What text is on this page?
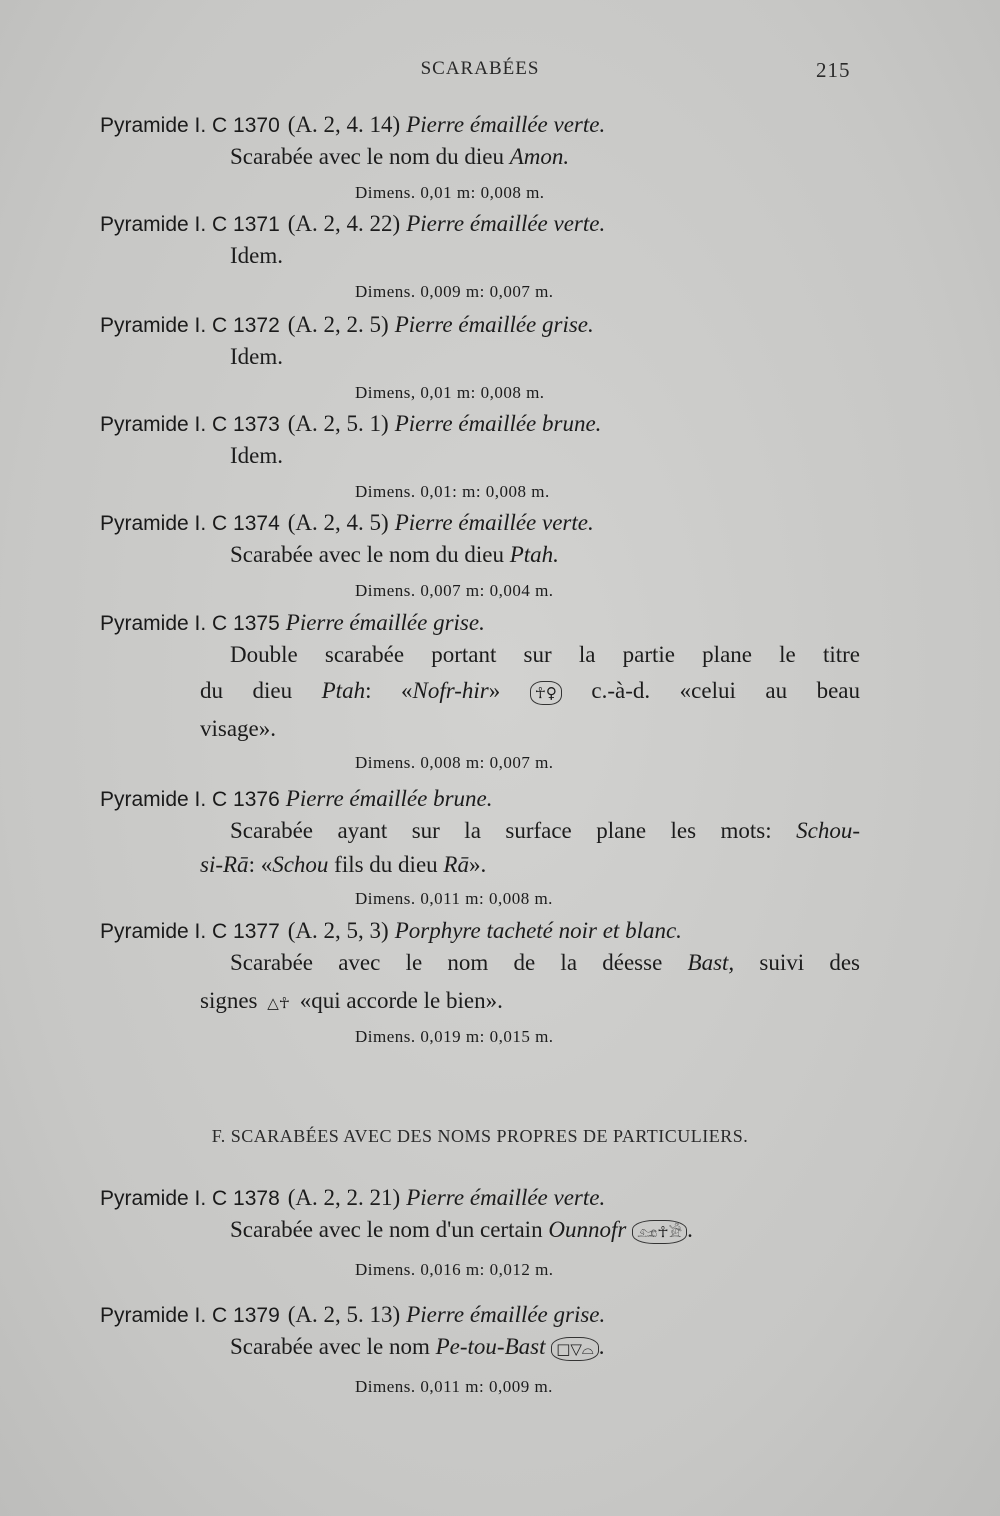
SCARABÉES	215
Pyramide I. C 1370 (A. 2, 4. 14) Pierre émaillée verte.
Scarabée avec le nom du dieu Amon.
Dimens. 0,01 m: 0,008 m.
Pyramide I. C 1371 (A. 2, 4. 22) Pierre émaillée verte.
Idem.
Dimens. 0,009 m: 0,007 m.
Pyramide I. C 1372 (A. 2, 2. 5) Pierre émaillée grise.
Idem.
Dimens, 0,01 m: 0,008 m.
Pyramide I. C 1373 (A. 2, 5. 1) Pierre émaillée brune.
Idem.
Dimens. 0,01: m: 0,008 m.
Pyramide I. C 1374 (A. 2, 4. 5) Pierre émaillée verte.
Scarabée avec le nom du dieu Ptah.
Dimens. 0,007 m: 0,004 m.
Pyramide I. C 1375 Pierre émaillée grise.
Double scarabée portant sur la partie plane le titre
du dieu Ptah: «Nofr-hir» ☥♀ c.-à-d. «celui au beau
visage».
Dimens. 0,008 m: 0,007 m.
Pyramide I. C 1376 Pierre émaillée brune.
Scarabée ayant sur la surface plane les mots: Schou-
si-Rā: «Schou fils du dieu Rā».
Dimens. 0,011 m: 0,008 m.
Pyramide I. C 1377 (A. 2, 5, 3) Porphyre tacheté noir et blanc.
Scarabée avec le nom de la déesse Bast, suivi des
signes △☥ «qui accorde le bien».
Dimens. 0,019 m: 0,015 m.
F. SCARABÉES AVEC DES NOMS PROPRES DE PARTICULIERS.
Pyramide I. C 1378 (A. 2, 2. 21) Pierre émaillée verte.
Scarabée avec le nom d'un certain Ounnofr 𓃭☥𓀀 .
Dimens. 0,016 m: 0,012 m.
Pyramide I. C 1379 (A. 2, 5. 13) Pierre émaillée grise.
Scarabée avec le nom Pe-tou-Bast □▽⌓ .
Dimens. 0,011 m: 0,009 m.
